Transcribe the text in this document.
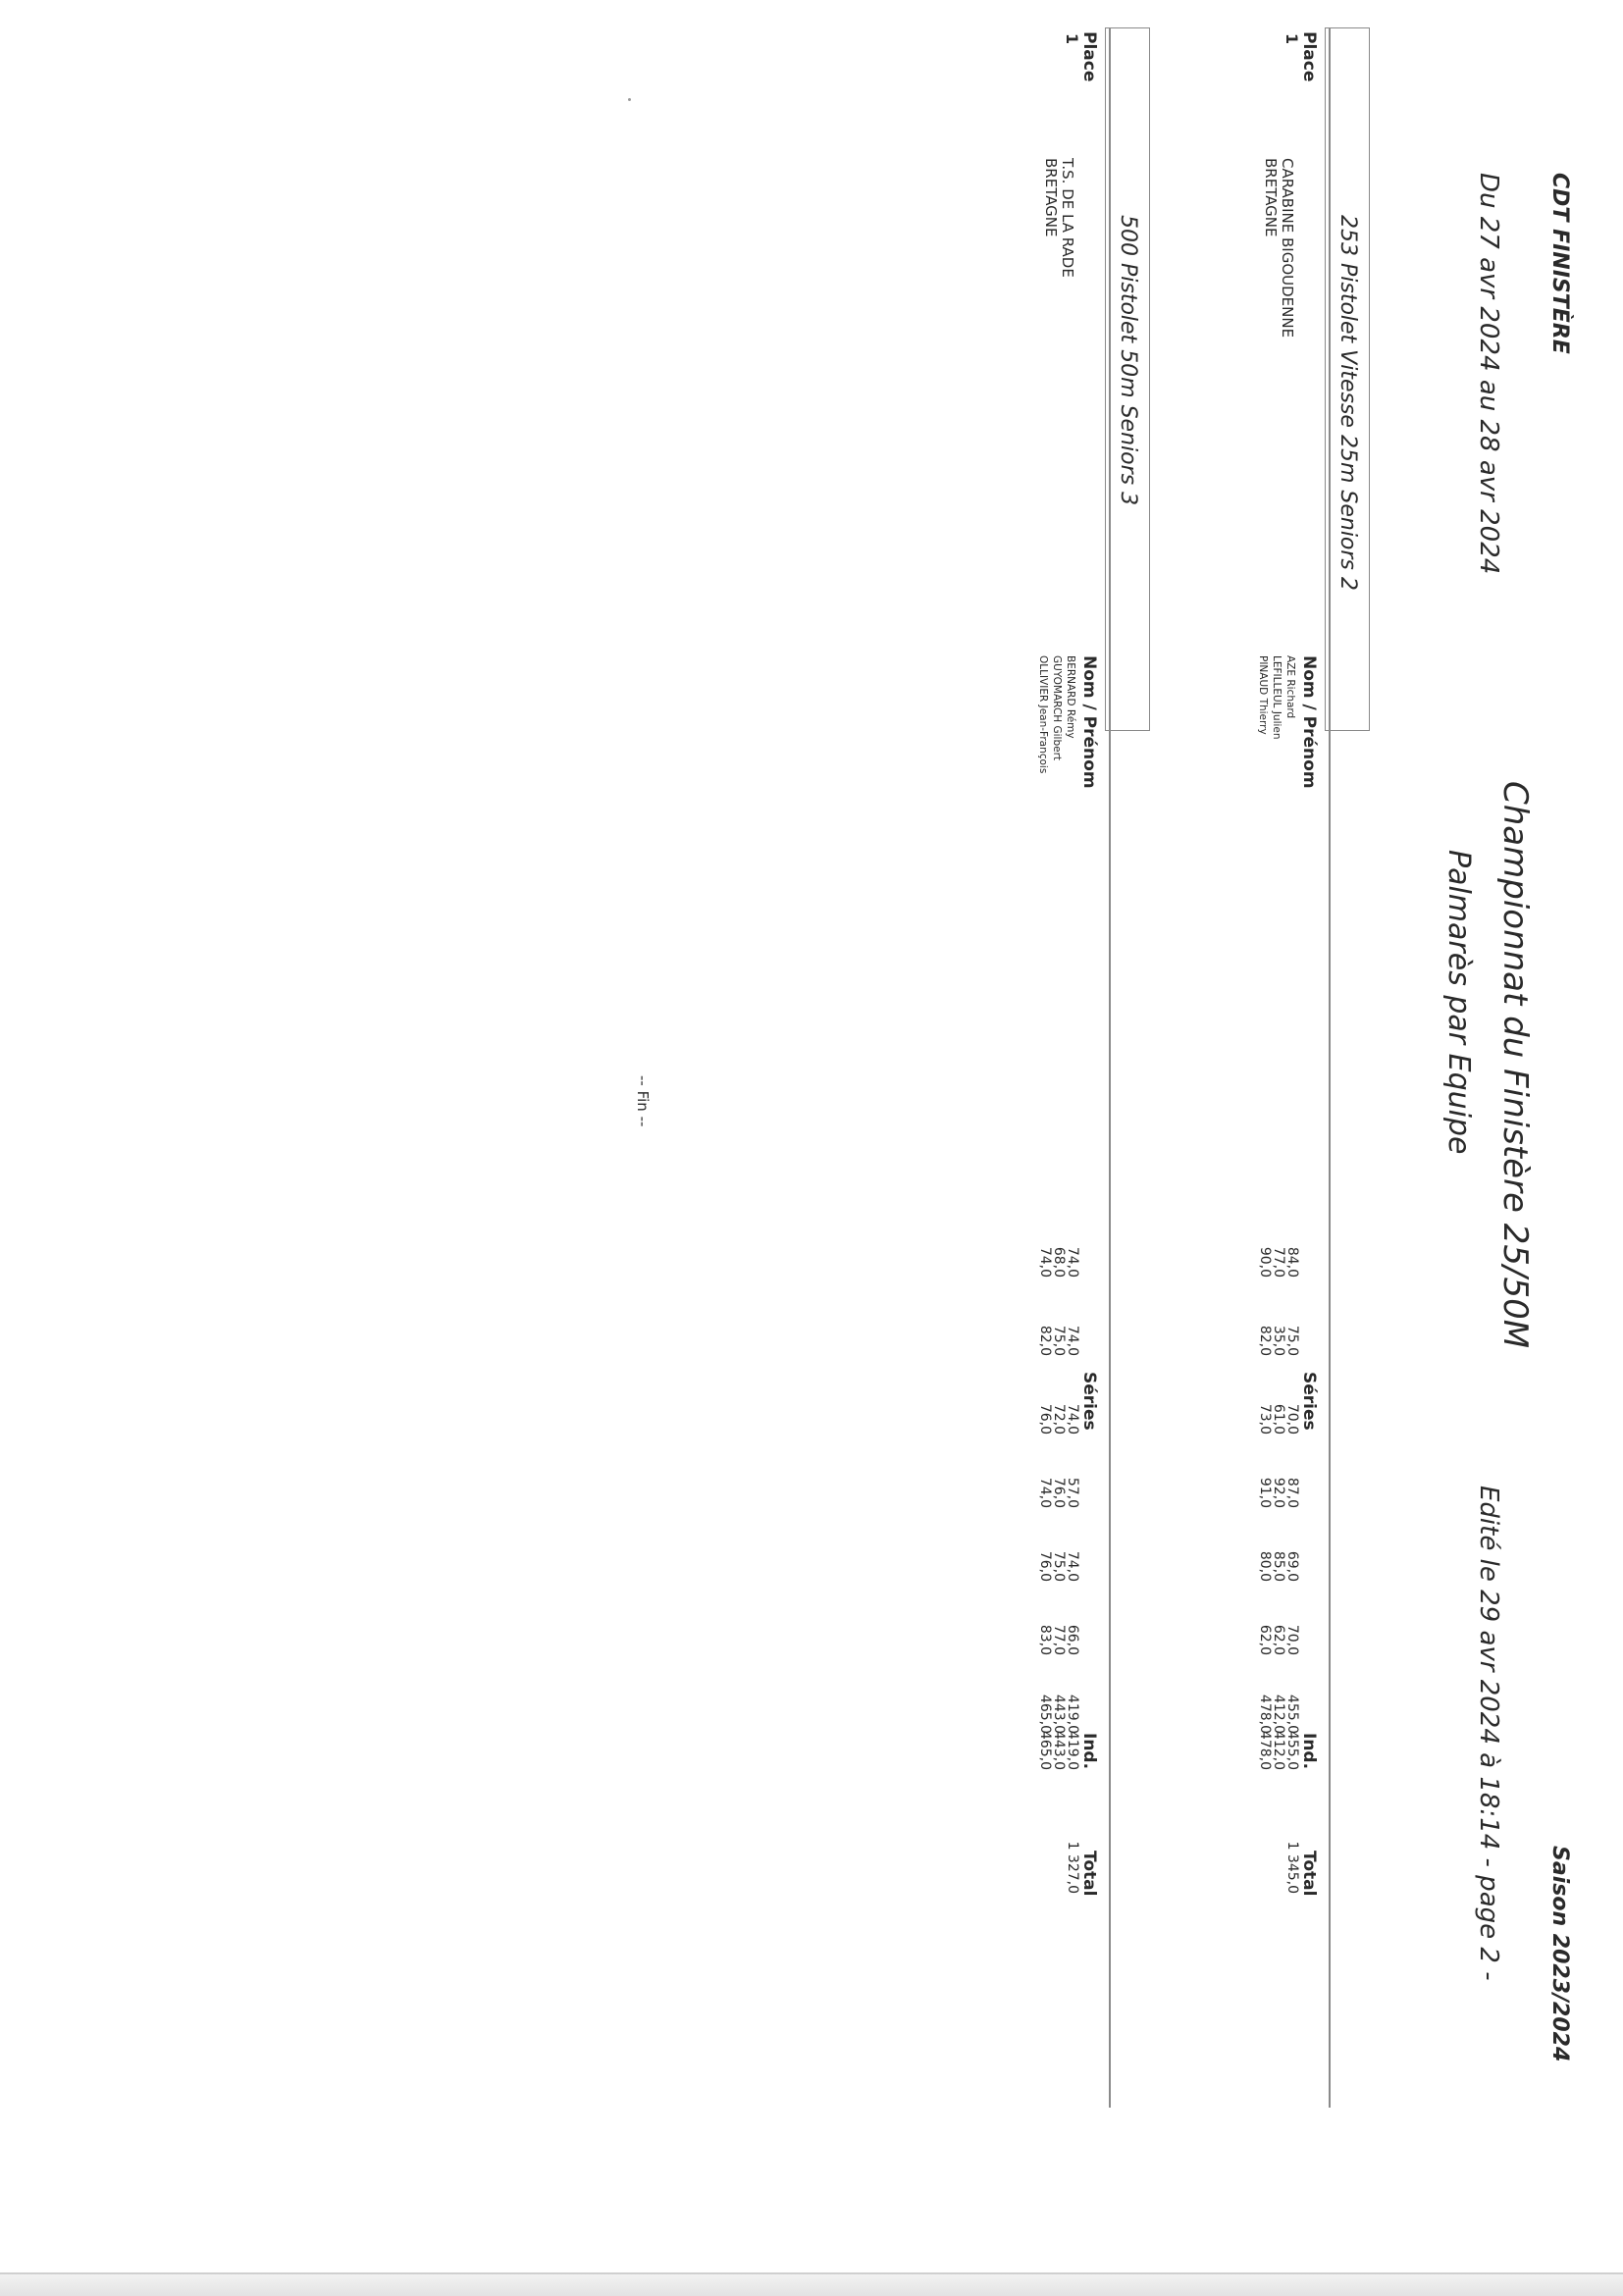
CDT FINISTÈRE
Saison 2023/2024
Championnat du Finistère 25/50M
Palmarès par Equipe
Du 27 avr 2024 au 28 avr 2024
Edité le 29 avr 2024 à 18:14 - page 2 -
253 Pistolet Vitesse 25m Seniors 2
Place
Nom / Prénom
Séries
Ind.
Total
1
CARABINE BIGOUDENNE
BRETAGNE
AZE Richard
LEFILLEUL Julien
PINAUD Thierry
455,0
412,0
478,0
1 345,0
84,0
77,0
90,0
75,0
35,0
82,0
70,0
61,0
73,0
87,0
92,0
91,0
69,0
85,0
80,0
70,0
62,0
62,0
455,0
412,0
478,0
500 Pistolet 50m Seniors 3
Place
Nom / Prénom
Séries
Ind.
Total
1
T.S. DE LA RADE
BRETAGNE
BERNARD Rémy
GUYOMARCH Gilbert
OLLIVIER Jean-François
419,0
443,0
465,0
1 327,0
74,0
68,0
74,0
74,0
75,0
82,0
74,0
72,0
76,0
57,0
76,0
74,0
74,0
75,0
76,0
66,0
77,0
83,0
419,0
443,0
465,0
-- Fin --
